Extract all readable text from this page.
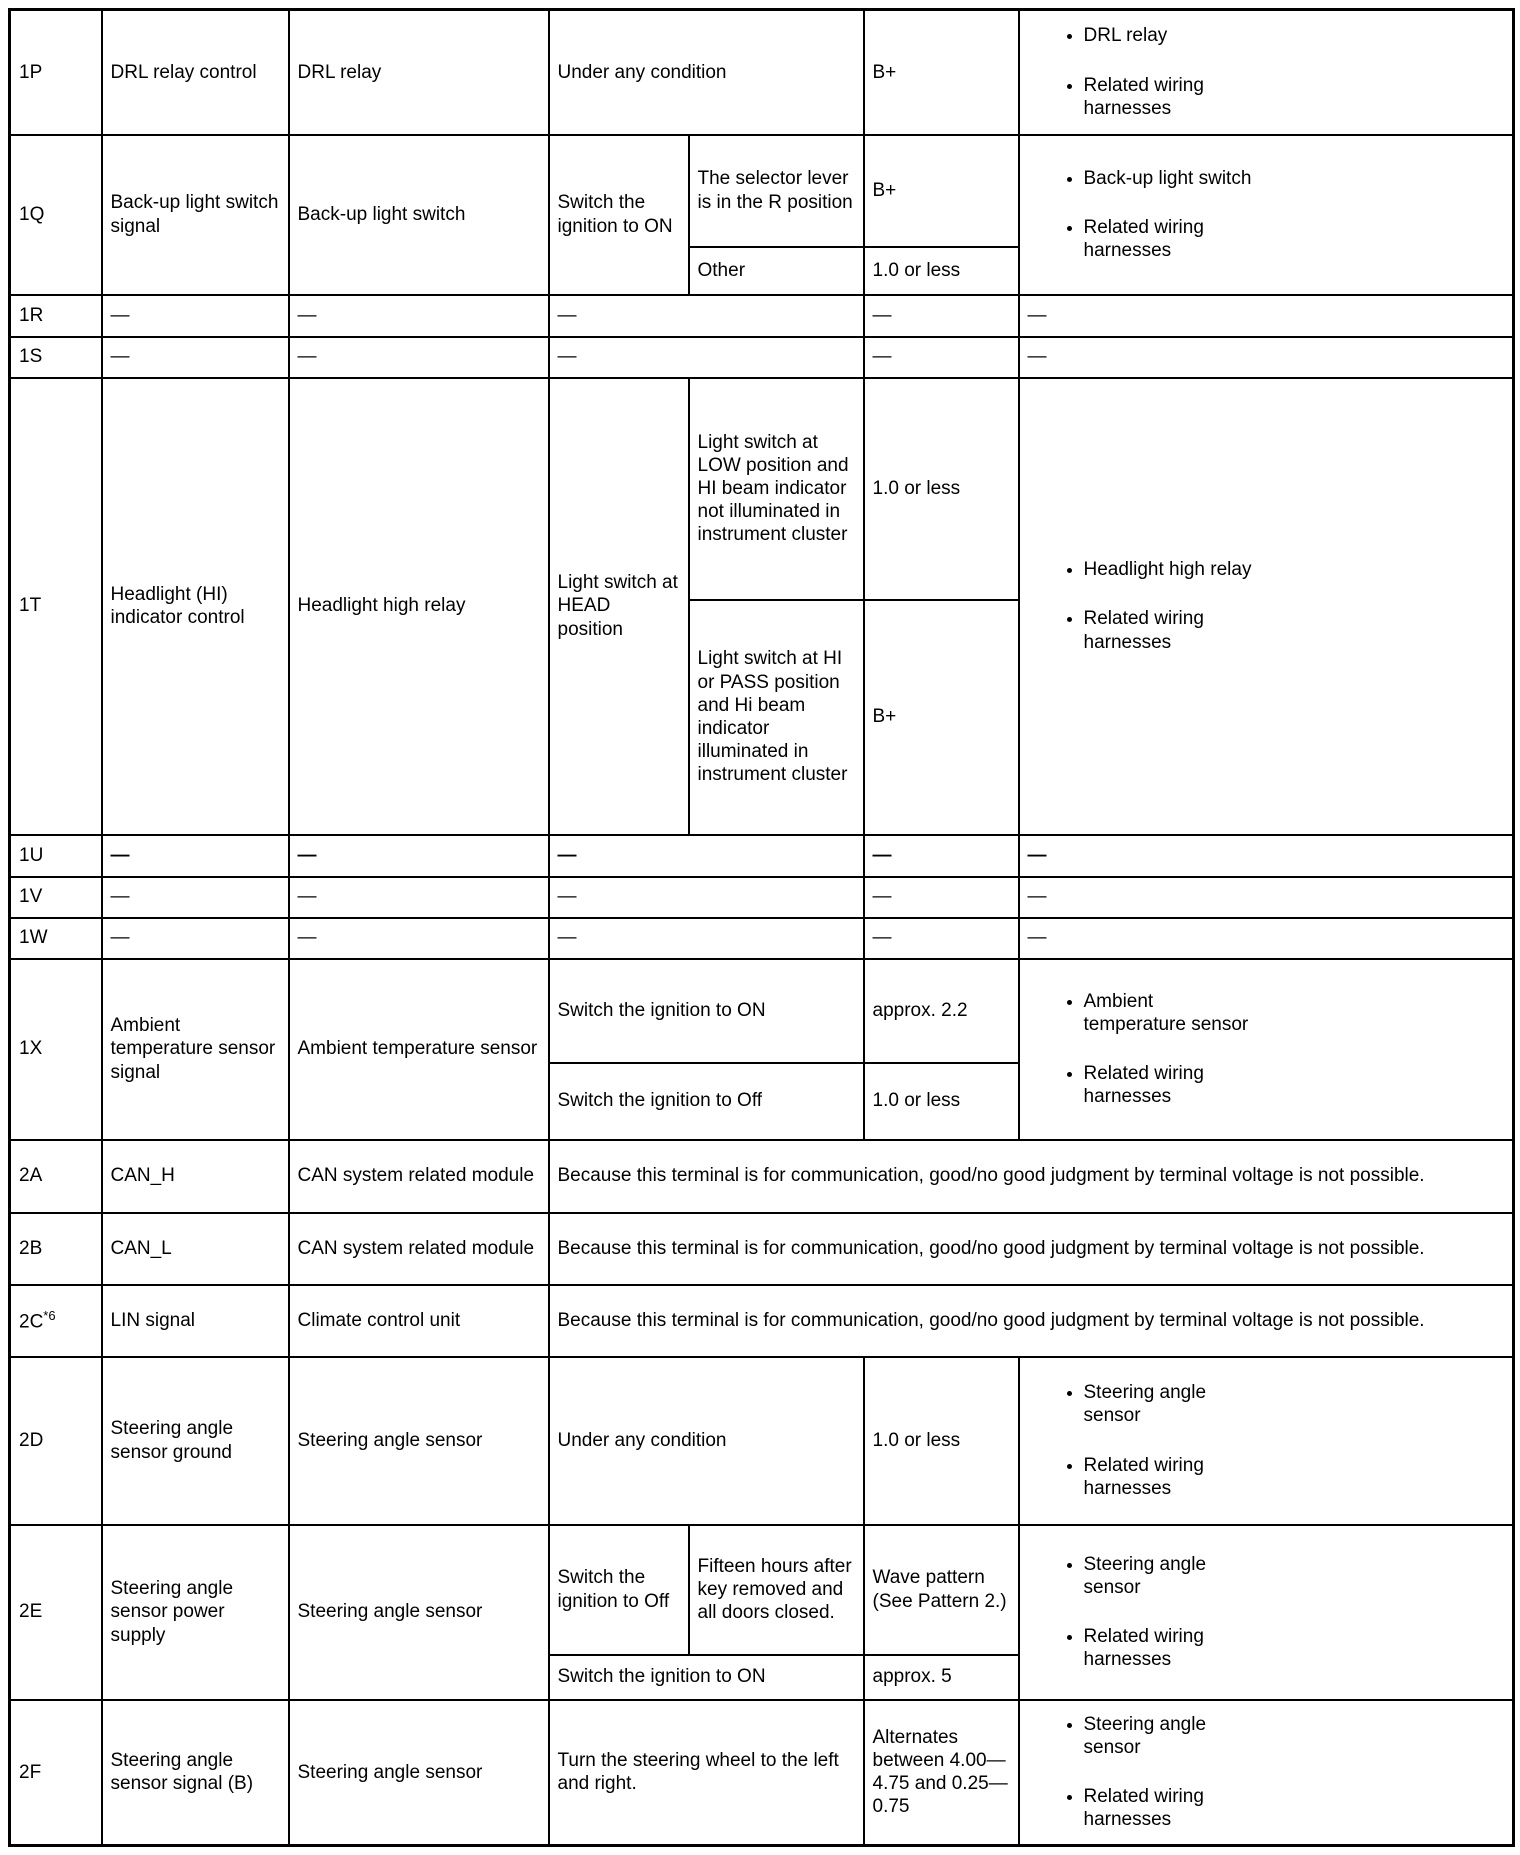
1P	DRL relay control	DRL relay	Under any condition	B+	
• DRL relay
• Related wiring harnesses

1Q	Back-up light switch signal	Back-up light switch	Switch the ignition to ON	The selector lever is in the R position	B+	
• Back-up light switch
• Related wiring harnesses

				Other	1.0 or less	
1R	—	—	—		—	—
1S	—	—	—		—	—
1T	Headlight (HI) indicator control	Headlight high relay	Light switch at HEAD position	Light switch at LOW position and HI beam indicator not illuminated in instrument cluster	1.0 or less	
• Headlight high relay
• Related wiring harnesses

				Light switch at HI or PASS position and Hi beam indicator illuminated in instrument cluster	B+	
1U	—	—	—		—	—
1V	—	—	—		—	—
1W	—	—	—		—	—
1X	Ambient temperature sensor signal	Ambient temperature sensor	Switch the ignition to ON	approx. 2.2	
•Ambient temperature sensor
• Related wiring harnesses

			Switch the ignition to Off		1.0 or less	
2A	CAN_H	CAN system related module	Because this terminal is for communication, good/no good judgment by terminal voltage is not possible.			
2B	CAN_L	CAN system related module	Because this terminal is for communication, good/no good judgment by terminal voltage is not possible.			
$2C^{*6}$	LIN signal	Climate control unit	Because this terminal is for communication, good/no good judgment by terminal voltage is not possible.			
2D	Steering angle sensor ground	Steering angle sensor	Under any condition	1.0 or less	
• Steering angle sensor
• Related wiring harnesses

2E	Steering angle sensor power supply	Steering angle sensor	Switch the ignition to Off	Fifteen hours after key removed and all doors closed.	Wave pattern (See Pattern 2.)	
• Steering angle sensor
• Related wiring harnesses

			Switch the ignition to ON		approx. 5	
2F	Steering angle sensor signal (B)	Steering angle sensor	Turn the steering wheel to the left and right.	Alternates between 4.00—4.75 and 0.25—0.75	
• Steering angle sensor
• Related wiring harnesses
